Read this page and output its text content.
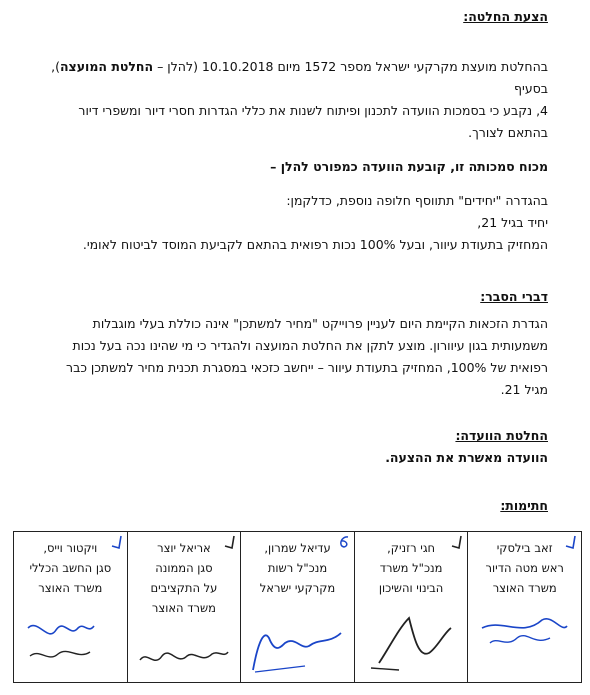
הצעת החלטה:
בהחלטת מועצת מקרקעי ישראל מספר 1572 מיום 10.10.2018 (להלן – החלטת המועצה), בסעיף
4, נקבע כי בסמכות הוועדה לתכנון ופיתוח לשנות את כללי הגדרות חסרי דיור ומשפרי דיור
בהתאם לצורך.
מכוח סמכותה זו, קובעת הוועדה כמפורט להלן –
בהגדרה "יחידים" תתווסף חלופה נוספת, כדלקמן:
יחיד בגיל 21,
המחזיק בתעודת עיוור, ובעל 100% נכות רפואית בהתאם לקביעת המוסד לביטוח לאומי.
דברי הסבר:
הגדרת הזכאות הקיימת היום לעניין פרוייקט "מחיר למשתכן" אינה כוללת בעלי מוגבלות
משמעותית בגון עיוורון. מוצע לתקן את החלטת המועצה ולהגדיר כי מי שהינו נכה בעל נכות
רפואית של 100%, המחזיק בתעודת עיוור – ייחשב כזכאי במסגרת תכנית מחיר למשתכן כבר
מגיל 21.
החלטת הוועדה:
הוועדה מאשרת את ההצעה.
חתימות:
זאב בילסקי
ראש מטה הדיור
משרד האוצר

חגי רזניק,
מנכ"ל משרד
הבינוי והשיכון

עדיאל שמרון,
מנכ"ל רשות
מקרקעי ישראל

אריאל יוצר
סגן הממונה
על התקציבים
משרד האוצר

ויקטור וייס,
סגן החשב הכללי
משרד האוצר
